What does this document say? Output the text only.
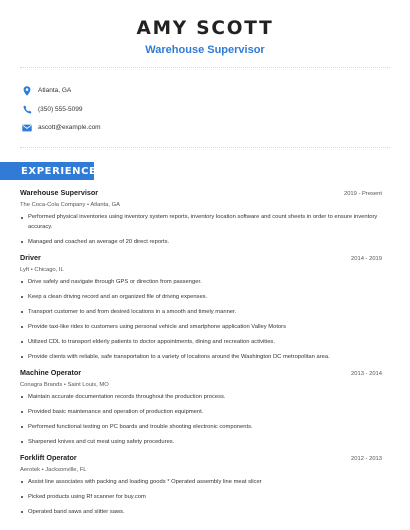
AMY SCOTT
Warehouse Supervisor
Atlanta, GA
(350) 555-5099
ascott@example.com
EXPERIENCE
Warehouse Supervisor	2019 - Present
The Coca-Cola Company • Atlanta, GA
Performed physical inventories using inventory system reports, inventory location software and count sheets in order to ensure inventory accuracy.
Managed and coached an average of 20 direct reports.
Driver	2014 - 2019
Lyft • Chicago, IL
Drive safely and navigate through GPS or direction from passenger.
Keep a clean driving record and an organized file of driving expenses.
Transport customer to and from desired locations in a smooth and timely manner.
Provide taxi-like rides to customers using personal vehicle and smartphone application Valley Motors
Utilized CDL to transport elderly patients to doctor appointments, dining and recreation activities.
Provide clients with reliable, safe transportation to a variety of locations around the Washington DC metropolitan area.
Machine Operator	2013 - 2014
Conagra Brands • Saint Louis, MO
Maintain accurate documentation records throughout the production process.
Provided basic maintenance and operation of production equipment.
Performed functional testing on PC boards and trouble shooting electronic components.
Sharpened knives and cut meat using safety procedures.
Forklift Operator	2012 - 2013
Aerotek • Jacksonville, FL
Assist line associates with packing and loading goods * Operated assembly line meat slicer
Picked products using Rf scanner for buy.com
Operated band saws and slitter saws.
